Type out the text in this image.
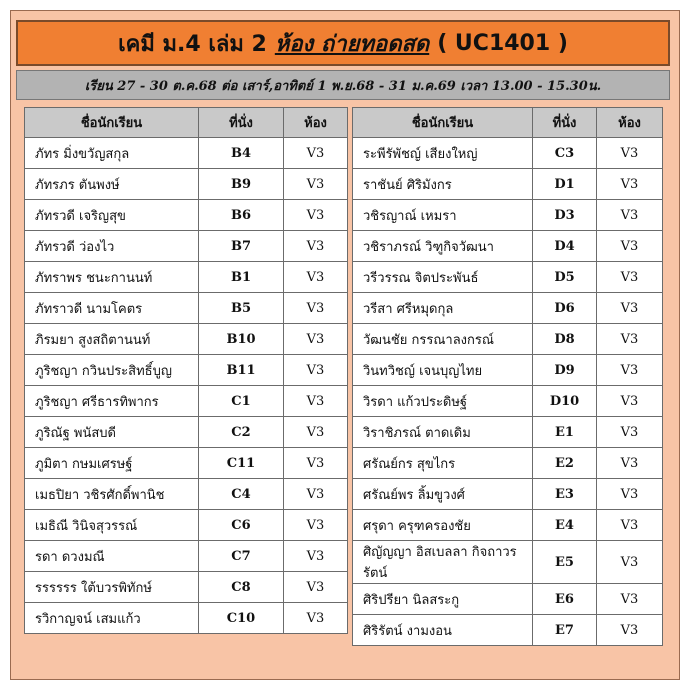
เคมี ม.4 เล่ม 2 ห้อง ถ่ายทอดสด ( UC1401 )
เรียน 27 - 30 ต.ค.68 ต่อ เสาร์,อาทิตย์ 1 พ.ย.68 - 31 ม.ค.69 เวลา 13.00 - 15.30น.
ชื่อนักเรียน	ที่นั่ง	ห้อง
ภัทร มิ่งขวัญสกุล	B4	V3
ภัทรภร ตันพงษ์	B9	V3
ภัทรวดี เจริญสุข	B6	V3
ภัทรวดี ว่องไว	B7	V3
ภัทราพร ชนะกานนท์	B1	V3
ภัทราวดี นามโคตร	B5	V3
ภิรมยา สูงสถิตานนท์	B10	V3
ภูริชญา กวินประสิทธิ์บูญ	B11	V3
ภูริชญา ศรีธารทิพากร	C1	V3
ภูริณัฐ พนัสบดี	C2	V3
ภูมิตา กษมเศรษฐ์	C11	V3
เมธปิยา วชิรศักดิ์พานิช	C4	V3
เมธิณี วินิจสุวรรณ์	C6	V3
รดา ดวงมณี	C7	V3
รรรรรร ใต้บวรพิทักษ์	C8	V3
รวิกาญจน์ เสมแก้ว	C10	V3
ชื่อนักเรียน	ที่นั่ง	ห้อง
ระพีรัพัชญ์ เสียงใหญ่	C3	V3
ราชันย์ ศิริมังกร	D1	V3
วชิรญาณ์ เหมรา	D3	V3
วชิราภรณ์ วิฑูกิจวัฒนา	D4	V3
วรีวรรณ จิตประพันธ์	D5	V3
วรีสา ศรีหมุดกุล	D6	V3
วัฒนชัย กรรณาลงกรณ์	D8	V3
วินทวิชญ์ เจนบุญไทย	D9	V3
วิรดา แก้วประดิษฐ์	D10	V3
วิราชิภรณ์ ตาดเดิม	E1	V3
ศรัณย์กร สุขไกร	E2	V3
ศรัณย์พร ลิ้มขูวงศ์	E3	V3
ศรุดา ครุฑครองชัย	E4	V3
ศิญัญญา อิสเบลลา กิจถาวรรัตน์	E5	V3
ศิริปรียา นิลสระกู	E6	V3
ศิริรัตน์ งามงอน	E7	V3
